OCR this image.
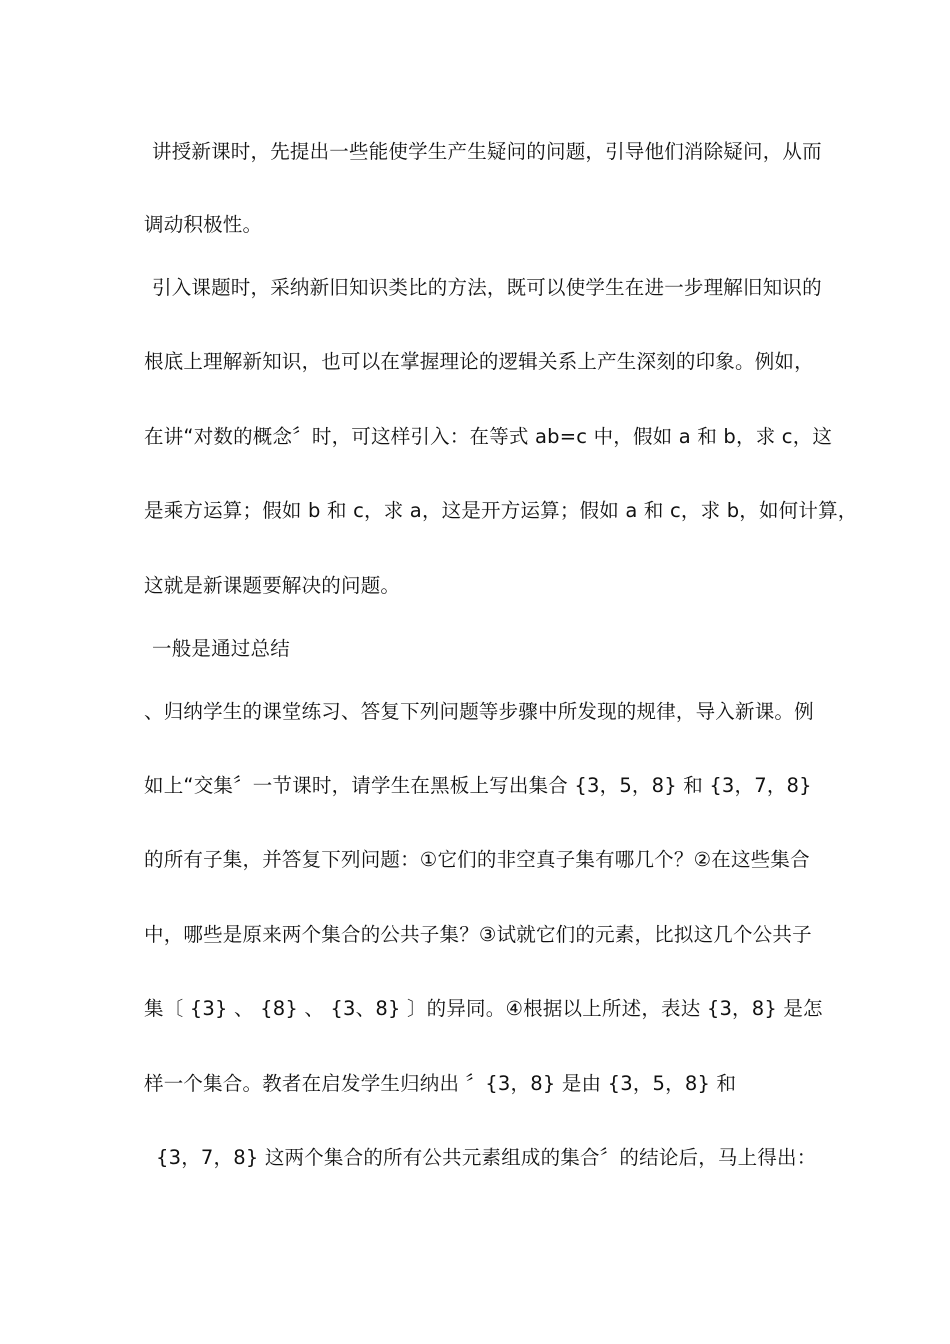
讲授新课时，先提出一些能使学生产生疑问的问题，引导他们消除疑问，从而
调动积极性。
引入课题时，采纳新旧知识类比的方法，既可以使学生在进一步理解旧知识的
根底上理解新知识，也可以在掌握理论的逻辑关系上产生深刻的印象。例如，
在讲“对数的概念〞时，可这样引入：在等式 ab=c 中，假如 a 和 b，求 c，这
是乘方运算；假如 b 和 c，求 a，这是开方运算；假如 a 和 c，求 b，如何计算，
这就是新课题要解决的问题。
一般是通过总结
、归纳学生的课堂练习、答复下列问题等步骤中所发现的规律，导入新课。例
如上“交集〞一节课时，请学生在黑板上写出集合 {3，5，8} 和 {3，7，8}
的所有子集，并答复下列问题：①它们的非空真子集有哪几个？②在这些集合
中，哪些是原来两个集合的公共子集？③试就它们的元素，比拟这几个公共子
集〔 {3} 、 {8} 、 {3、8} 〕的异同。④根据以上所述，表达 {3，8} 是怎
样一个集合。教者在启发学生归纳出 〞{3，8} 是由 {3，5，8} 和
{3，7，8} 这两个集合的所有公共元素组成的集合〞的结论后，马上得出：
